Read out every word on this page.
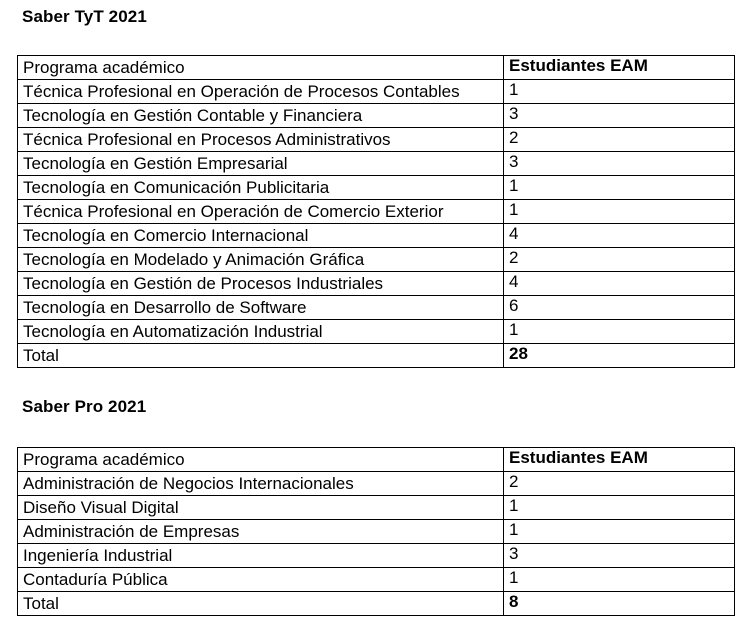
Saber TyT 2021
Programa académico	Estudiantes EAM
Técnica Profesional en Operación de Procesos Contables	1
Tecnología en Gestión Contable y Financiera	3
Técnica Profesional en Procesos Administrativos	2
Tecnología en Gestión Empresarial	3
Tecnología en Comunicación Publicitaria	1
Técnica Profesional en Operación de Comercio Exterior	1
Tecnología en Comercio Internacional	4
Tecnología en Modelado y Animación Gráfica	2
Tecnología en Gestión de Procesos Industriales	4
Tecnología en Desarrollo de Software	6
Tecnología en Automatización Industrial	1
Total	28
Saber Pro 2021
Programa académico	Estudiantes EAM
Administración de Negocios Internacionales	2
Diseño Visual Digital	1
Administración de Empresas	1
Ingeniería Industrial	3
Contaduría Pública	1
Total	8
